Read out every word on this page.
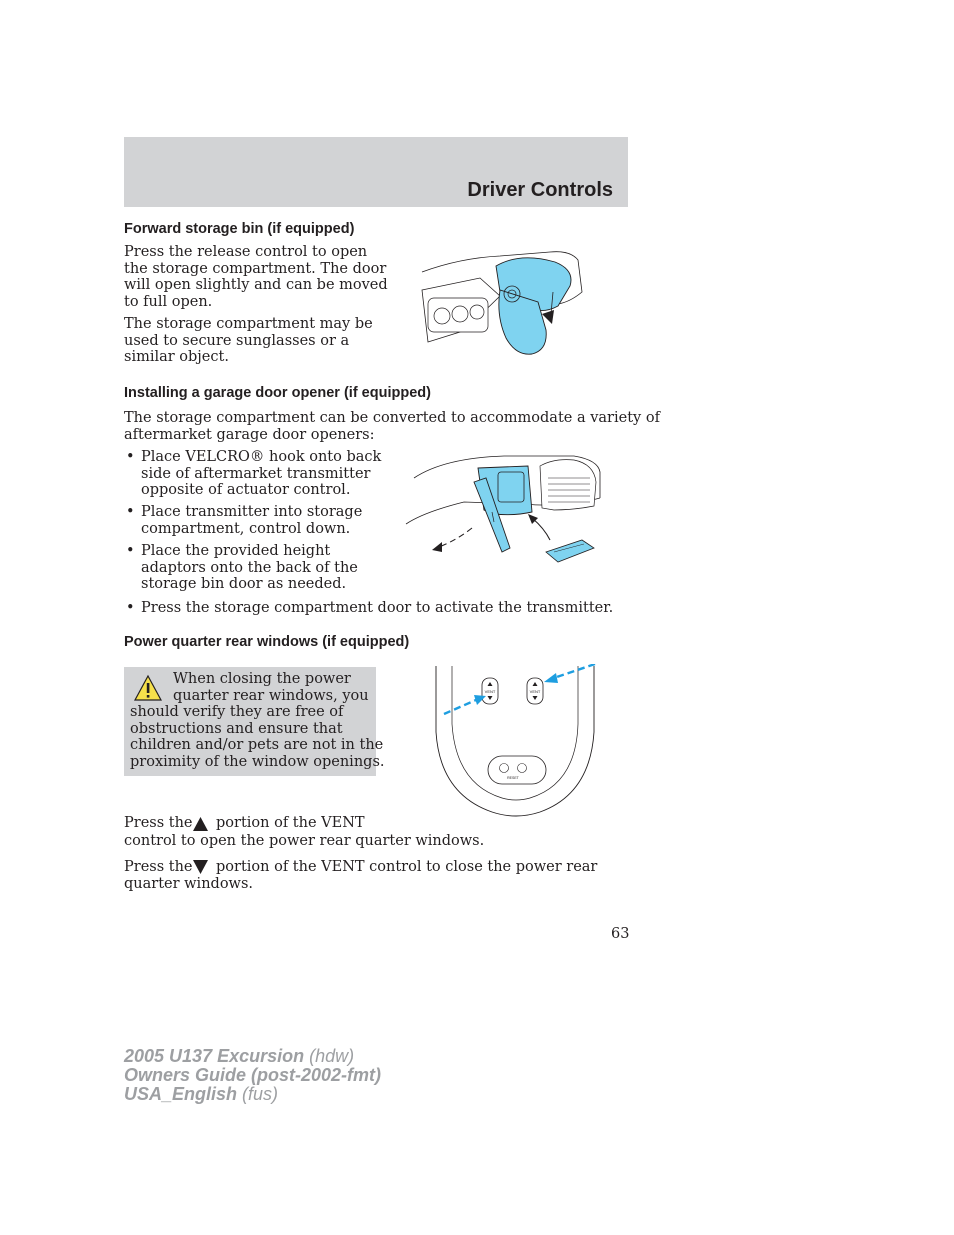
Driver Controls
Forward storage bin (if equipped)
Press the release control to open
the storage compartment. The door
will open slightly and can be moved
to full open.
The storage compartment may be
used to secure sunglasses or a
similar object.
Installing a garage door opener (if equipped)
The storage compartment can be converted to accommodate a variety of
aftermarket garage door openers:
• Place VELCRO® hook onto back
side of aftermarket transmitter
opposite of actuator control.
• Place transmitter into storage
compartment, control down.
• Place the provided height
adaptors onto the back of the
storage bin door as needed.
• Press the storage compartment door to activate the transmitter.
Power quarter rear windows (if equipped)
When closing the power
quarter rear windows, you
should verify they are free of
obstructions and ensure that
children and/or pets are not in the
proximity of the window openings.
VENT	VENT
RESET
Press the portion of the VENT
control to open the power rear quarter windows.
Press the portion of the VENT control to close the power rear
quarter windows.
63
2005 U137 Excursion (hdw)
Owners Guide (post-2002-fmt)
USA_English (fus)
